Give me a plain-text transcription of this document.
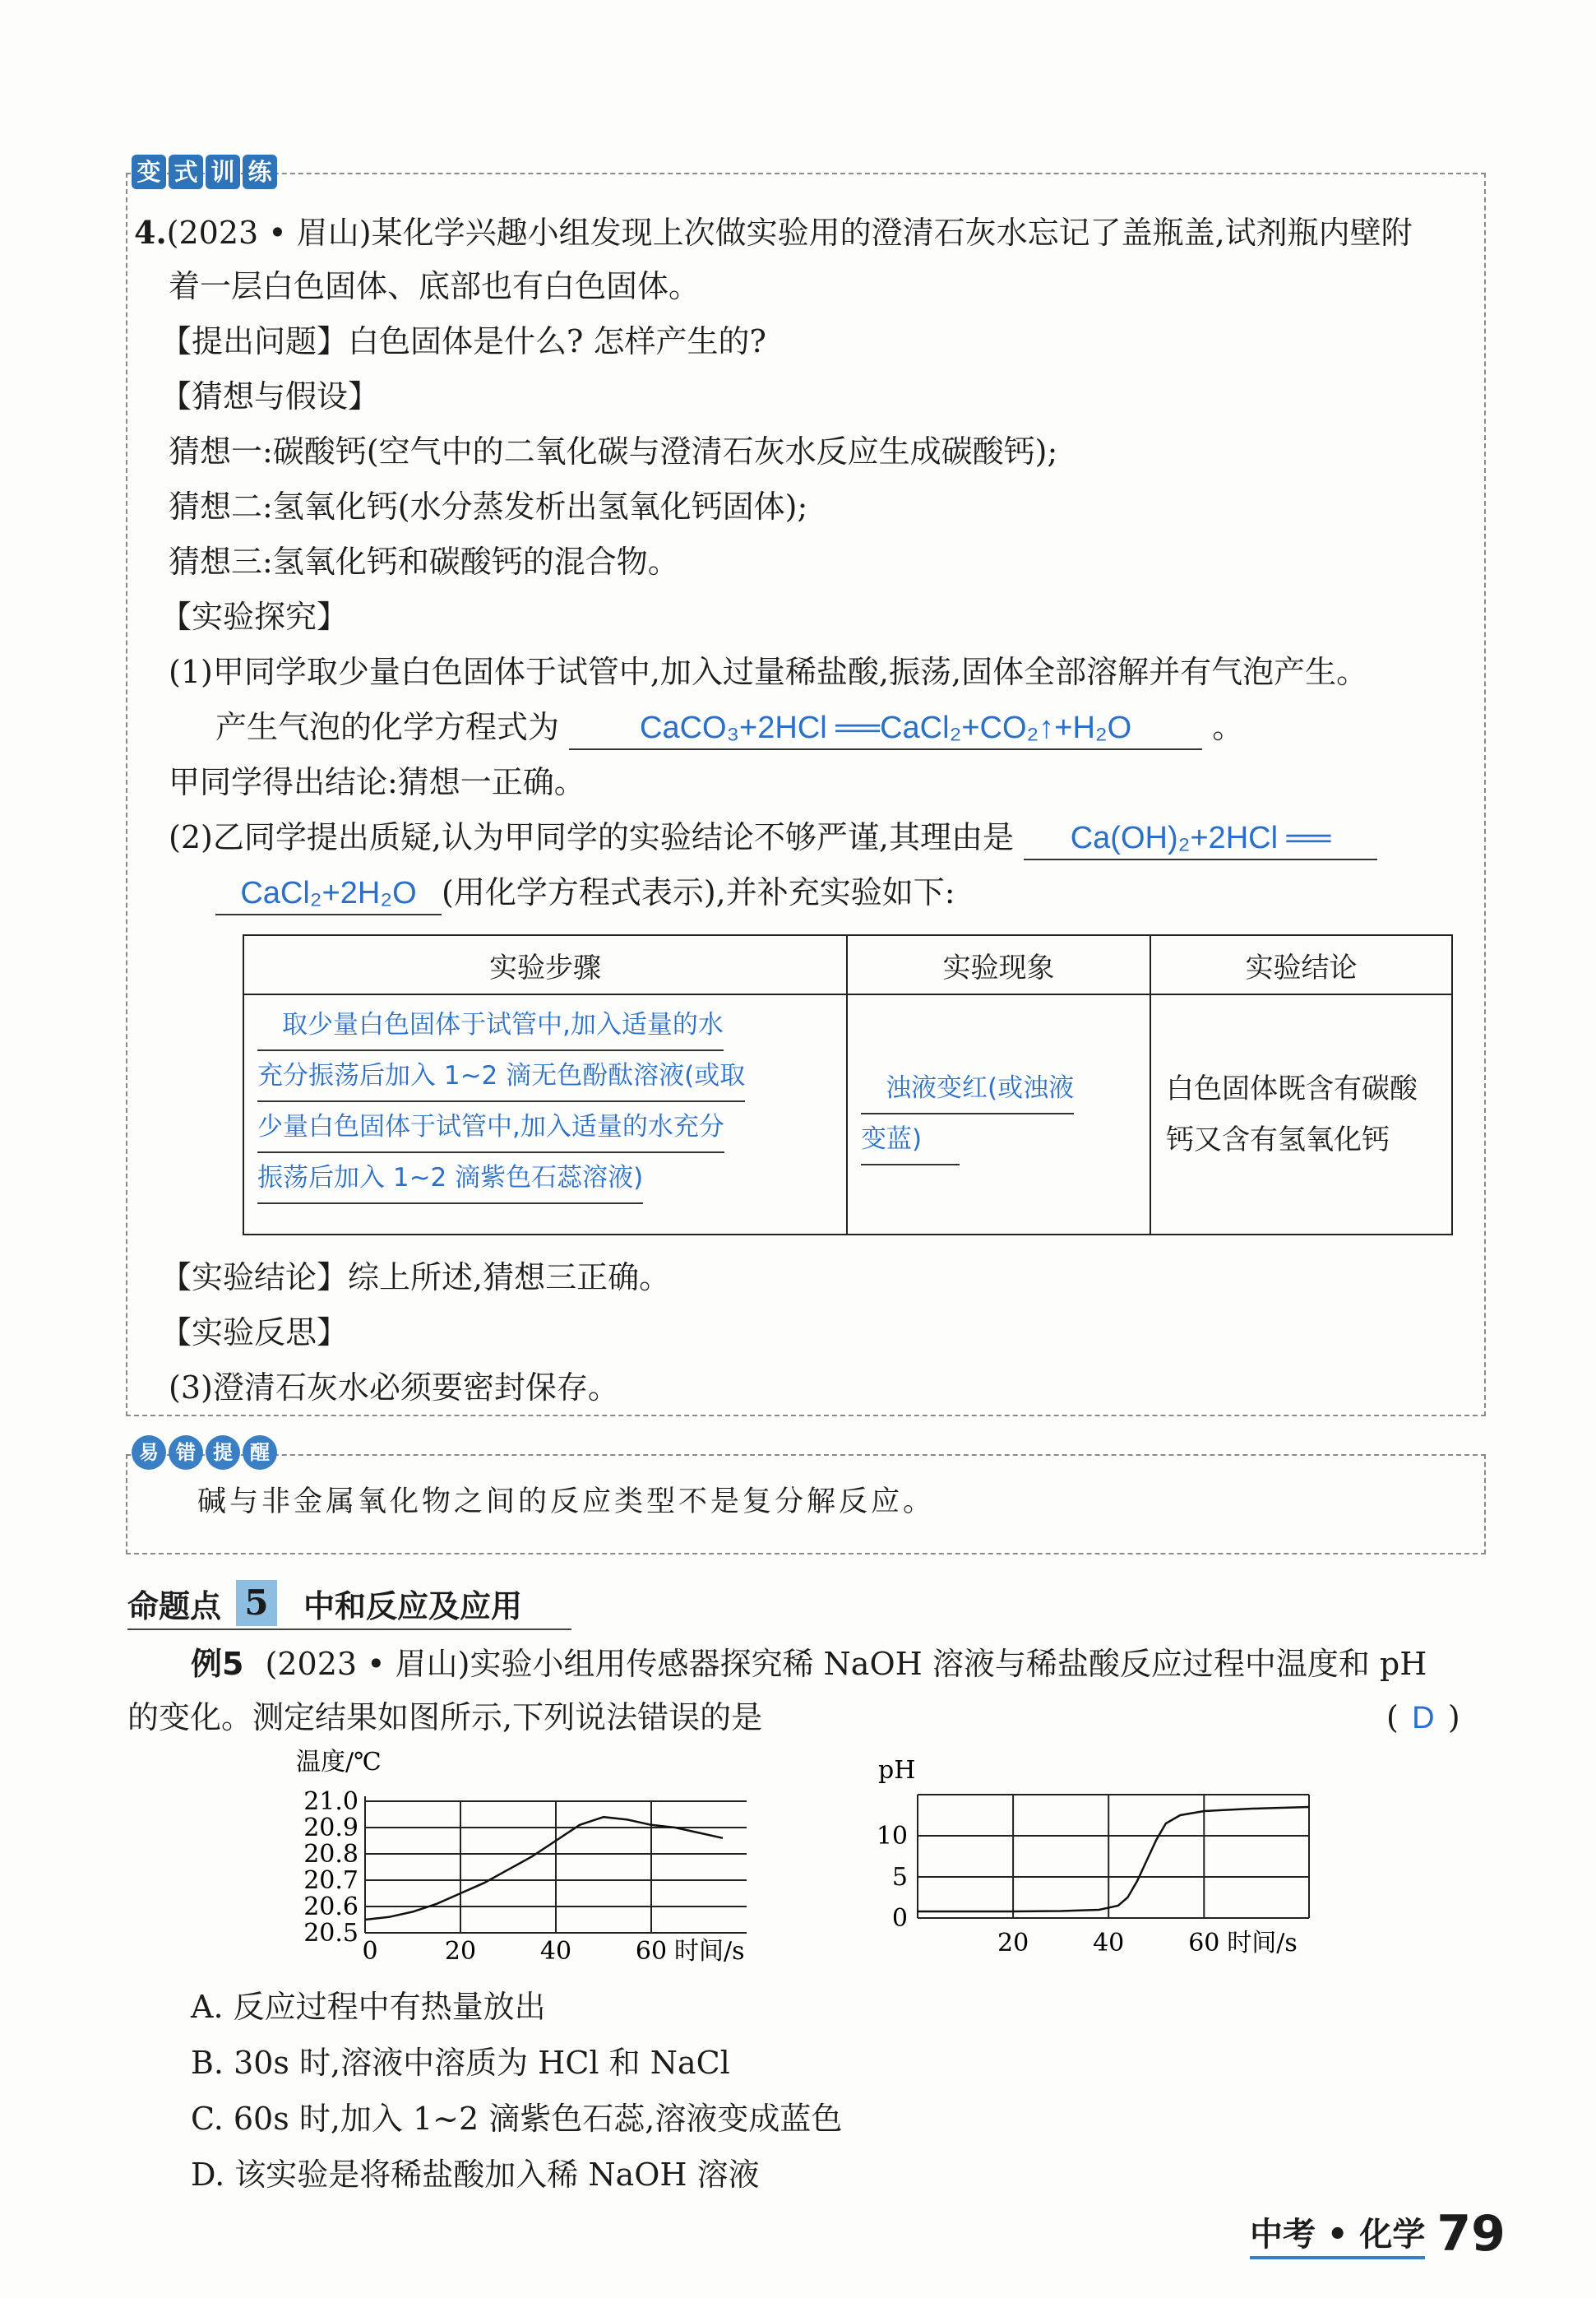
变 式 训 练
4.(2023 • 眉山)某化学兴趣小组发现上次做实验用的澄清石灰水忘记了盖瓶盖,试剂瓶内壁附
着一层白色固体、底部也有白色固体。
【提出问题】白色固体是什么? 怎样产生的?
【猜想与假设】
猜想一:碳酸钙(空气中的二氧化碳与澄清石灰水反应生成碳酸钙);
猜想二:氢氧化钙(水分蒸发析出氢氧化钙固体);
猜想三:氢氧化钙和碳酸钙的混合物。
【实验探究】
(1)甲同学取少量白色固体于试管中,加入过量稀盐酸,振荡,固体全部溶解并有气泡产生。
产生气泡的化学方程式为	CaCO₃+2HCl ══CaCl₂+CO₂↑+H₂O	。
甲同学得出结论:猜想一正确。
(2)乙同学提出质疑,认为甲同学的实验结论不够严谨,其理由是 Ca(OH)₂+2HCl ══
CaCl₂+2H₂O (用化学方程式表示),并补充实验如下:
实验步骤	实验现象	实验结论
取少量白色固体于试管中,加入适量的水
充分振荡后加入 1~2 滴无色酚酞溶液(或取
少量白色固体于试管中,加入适量的水充分
振荡后加入 1~2 滴紫色石蕊溶液)	浊液变红(或浊液
变蓝)	白色固体既含有碳酸
钙又含有氢氧化钙
【实验结论】综上所述,猜想三正确。
【实验反思】
(3)澄清石灰水必须要密封保存。
易 错 提 醒
碱与非金属氧化物之间的反应类型不是复分解反应。
命题点 5 中和反应及应用
例5 (2023 • 眉山)实验小组用传感器探究稀 NaOH 溶液与稀盐酸反应过程中温度和 pH
的变化。测定结果如图所示,下列说法错误的是	( D )
温度/℃
21.0
20.9
20.8
20.7
20.6
20.5
0	20	40	60 时间/s
pH
10
5
0
20	40	60 时间/s
A. 反应过程中有热量放出
B. 30s 时,溶液中溶质为 HCl 和 NaCl
C. 60s 时,加入 1~2 滴紫色石蕊,溶液变成蓝色
D. 该实验是将稀盐酸加入稀 NaOH 溶液
中考 • 化学 79
